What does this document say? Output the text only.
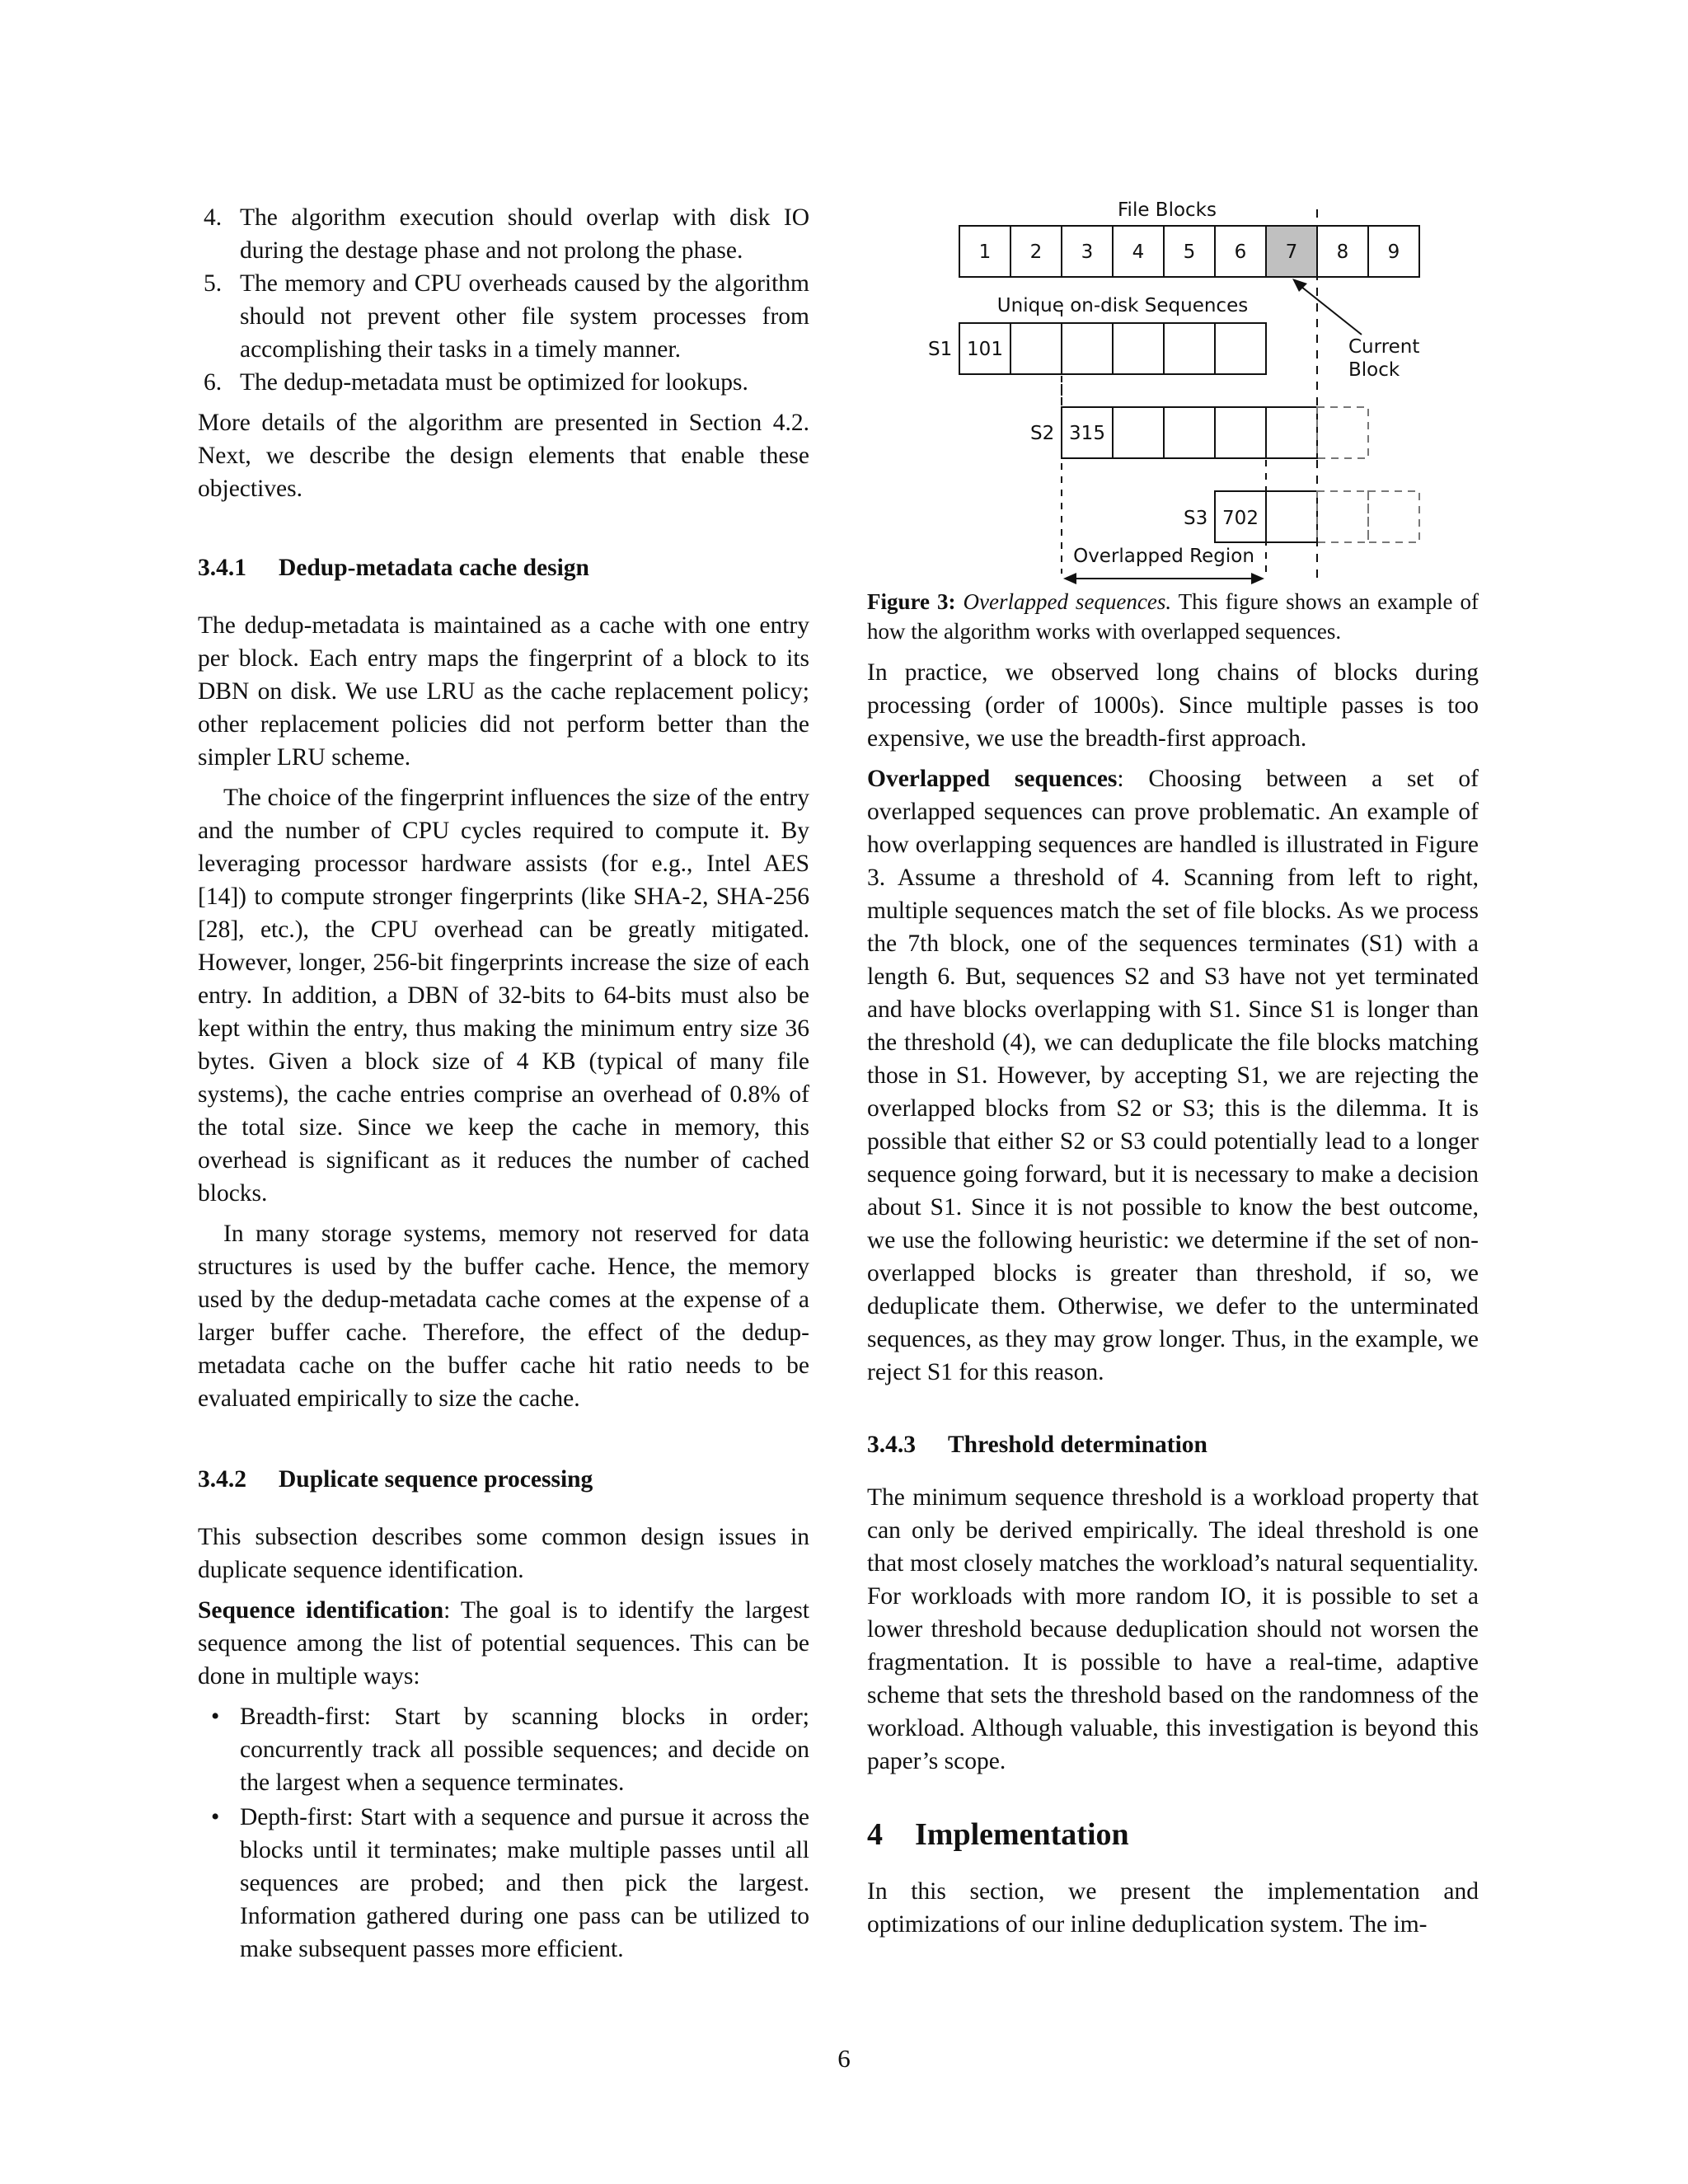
4. The algorithm execution should overlap with disk IO during the destage phase and not prolong the phase.
5. The memory and CPU overheads caused by the algorithm should not prevent other file system processes from accomplishing their tasks in a timely manner.
6. The dedup-metadata must be optimized for lookups.

More details of the algorithm are presented in Section 4.2. Next, we describe the design elements that enable these objectives.

3.4.1 Dedup-metadata cache design

The dedup-metadata is maintained as a cache with one entry per block. Each entry maps the fingerprint of a block to its DBN on disk. We use LRU as the cache replacement policy; other replacement policies did not perform better than the simpler LRU scheme.

The choice of the fingerprint influences the size of the entry and the number of CPU cycles required to compute it. By leveraging processor hardware assists (for e.g., Intel AES [14]) to compute stronger fingerprints (like SHA-2, SHA-256 [28], etc.), the CPU overhead can be greatly mitigated. However, longer, 256-bit fingerprints increase the size of each entry. In addition, a DBN of 32-bits to 64-bits must also be kept within the entry, thus making the minimum entry size 36 bytes. Given a block size of 4 KB (typical of many file systems), the cache entries comprise an overhead of 0.8% of the total size. Since we keep the cache in memory, this overhead is significant as it reduces the number of cached blocks.

In many storage systems, memory not reserved for data structures is used by the buffer cache. Hence, the memory used by the dedup-metadata cache comes at the expense of a larger buffer cache. Therefore, the effect of the dedup-metadata cache on the buffer cache hit ratio needs to be evaluated empirically to size the cache.

3.4.2 Duplicate sequence processing

This subsection describes some common design issues in duplicate sequence identification.

Sequence identification: The goal is to identify the largest sequence among the list of potential sequences. This can be done in multiple ways:

• Breadth-first: Start by scanning blocks in order; concurrently track all possible sequences; and decide on the largest when a sequence terminates.
• Depth-first: Start with a sequence and pursue it across the blocks until it terminates; make multiple passes until all sequences are probed; and then pick the largest. Information gathered during one pass can be utilized to make subsequent passes more efficient.
File Blocks
1 2 3 4 5 6 7 8 9
Unique on-disk Sequences
Current
Block
S1 101
S2 315
S3 702
Overlapped Region

Figure 3: Overlapped sequences. This figure shows an example of how the algorithm works with overlapped sequences.

In practice, we observed long chains of blocks during processing (order of 1000s). Since multiple passes is too expensive, we use the breadth-first approach.

Overlapped sequences: Choosing between a set of overlapped sequences can prove problematic. An example of how overlapping sequences are handled is illustrated in Figure 3. Assume a threshold of 4. Scanning from left to right, multiple sequences match the set of file blocks. As we process the 7th block, one of the sequences terminates (S1) with a length 6. But, sequences S2 and S3 have not yet terminated and have blocks overlapping with S1. Since S1 is longer than the threshold (4), we can deduplicate the file blocks matching those in S1. However, by accepting S1, we are rejecting the overlapped blocks from S2 or S3; this is the dilemma. It is possible that either S2 or S3 could potentially lead to a longer sequence going forward, but it is necessary to make a decision about S1. Since it is not possible to know the best outcome, we use the following heuristic: we determine if the set of non-overlapped blocks is greater than threshold, if so, we deduplicate them. Otherwise, we defer to the unterminated sequences, as they may grow longer. Thus, in the example, we reject S1 for this reason.

3.4.3 Threshold determination

The minimum sequence threshold is a workload property that can only be derived empirically. The ideal threshold is one that most closely matches the workload’s natural sequentiality. For workloads with more random IO, it is possible to set a lower threshold because deduplication should not worsen the fragmentation. It is possible to have a real-time, adaptive scheme that sets the threshold based on the randomness of the workload. Although valuable, this investigation is beyond this paper’s scope.

4 Implementation

In this section, we present the implementation and optimizations of our inline deduplication system. The im-

6
